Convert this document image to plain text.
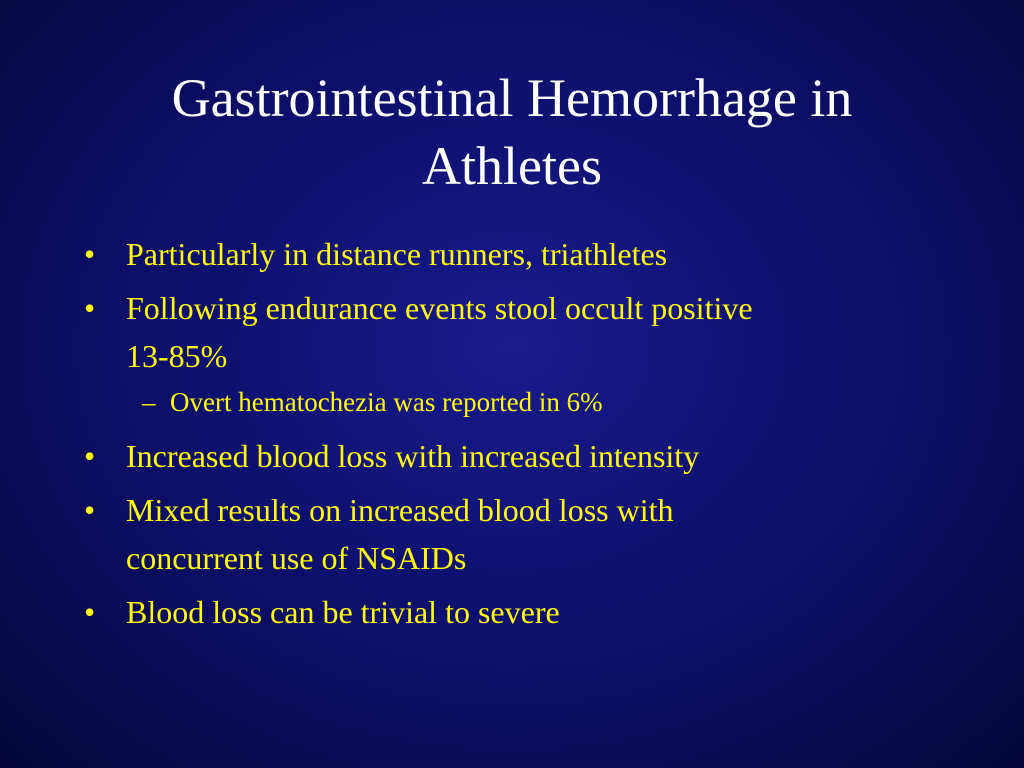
Gastrointestinal Hemorrhage in
Athletes
• Particularly in distance runners, triathletes
• Following endurance events stool occult positive
13-85%
– Overt hematochezia was reported in 6%
• Increased blood loss with increased intensity
• Mixed results on increased blood loss with
concurrent use of NSAIDs
• Blood loss can be trivial to severe
